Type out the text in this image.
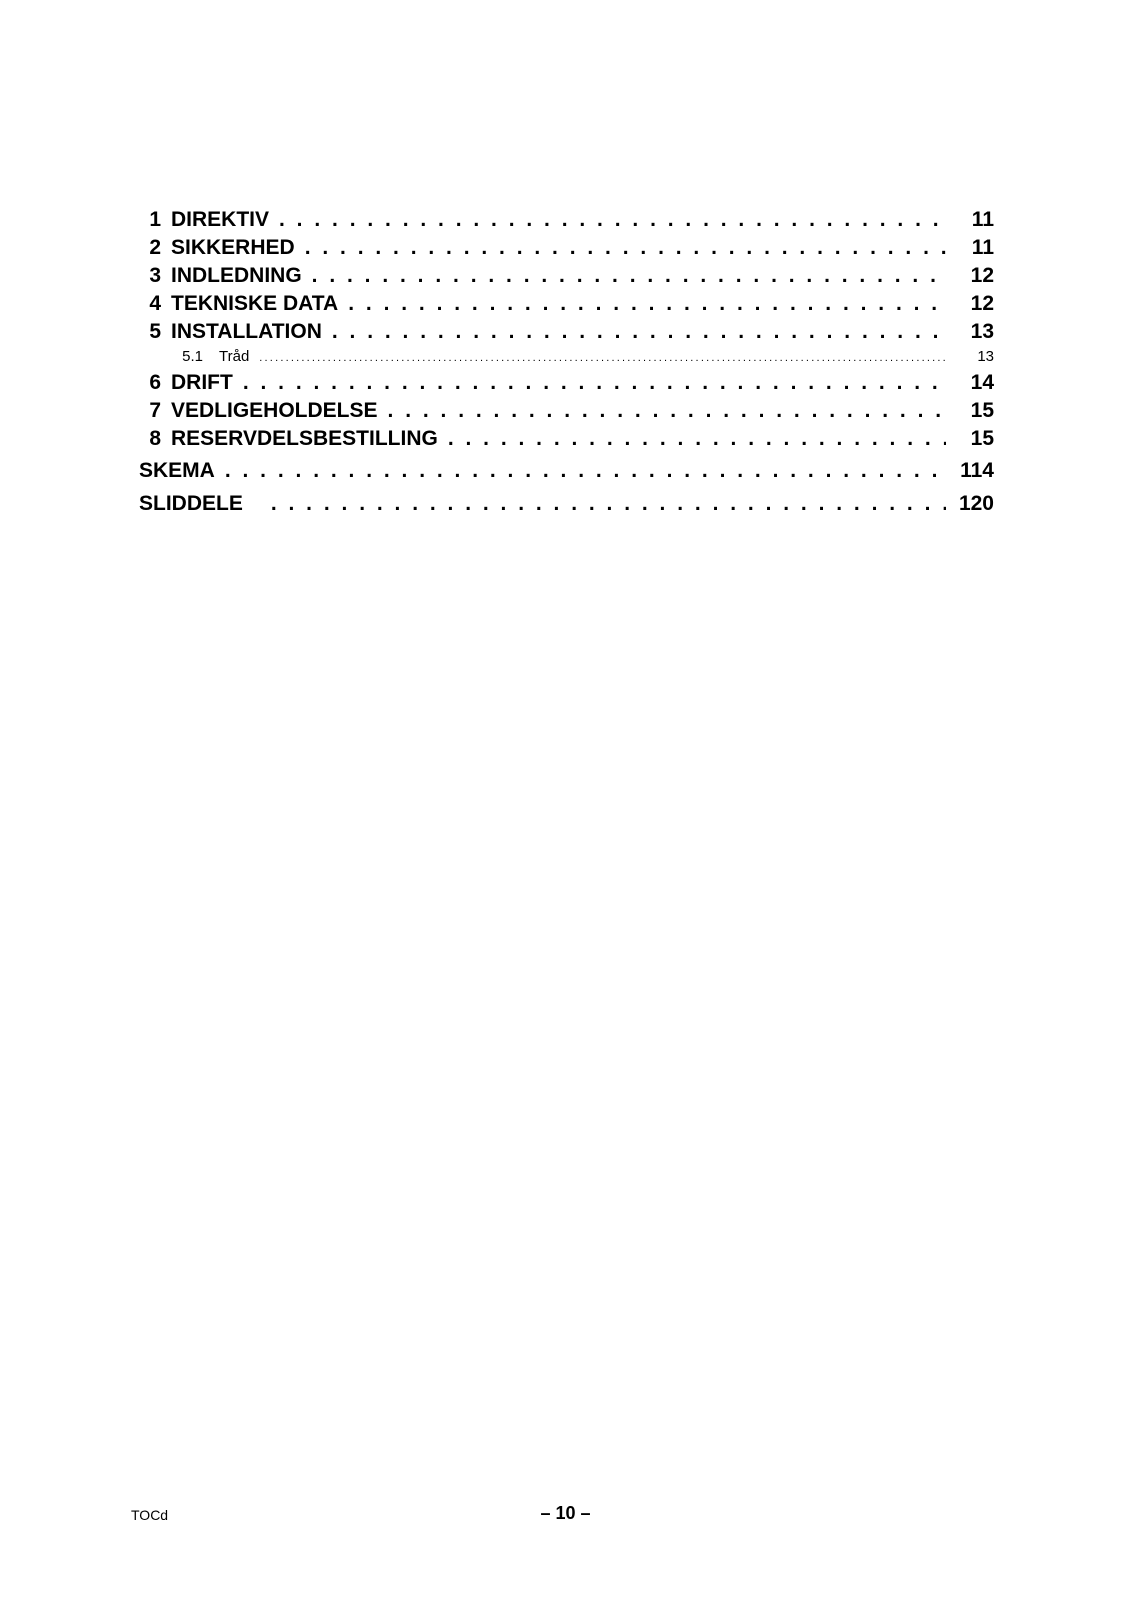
1 DIREKTIV . . .	11
2 SIKKERHED . . .	11
3 INDLEDNING . . .	12
4 TEKNISKE DATA . . .	12
5 INSTALLATION . . .	13
5.1 Tråd .....	13
6 DRIFT . . .	14
7 VEDLIGEHOLDELSE . . .	15
8 RESERVDELSBESTILLING . . .	15
SKEMA . . .	114
SLIDDELE . . .	120
TOCd	– 10 –
